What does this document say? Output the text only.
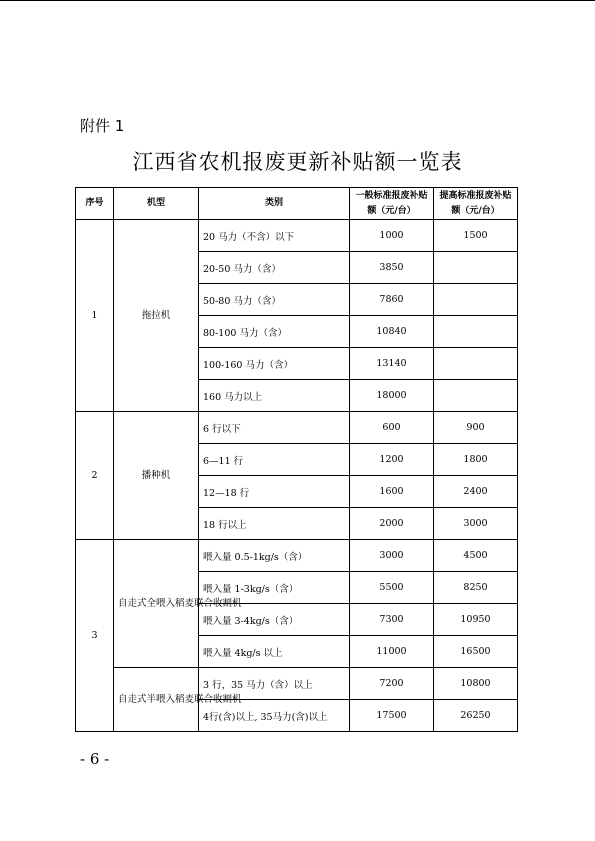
附件 1
江西省农机报废更新补贴额一览表
序号	机型	类别	一般标准报废补贴额（元/台）	提高标准报废补贴额（元/台）
1	拖拉机	20 马力（不含）以下	1000	1500
		20-50 马力（含）	3850	
		50-80 马力（含）	7860	
		80-100 马力（含）	10840	
		100-160 马力（含）	13140	
		160 马力以上	18000	
2	播种机	6 行以下	600	900
		6—11 行	1200	1800
		12—18 行	1600	2400
		18 行以上	2000	3000
3	自走式全喂入稻麦联合收割机	喂入量 0.5-1kg/s（含）	3000	4500
		喂入量 1-3kg/s（含）	5500	8250
		喂入量 3-4kg/s（含）	7300	10950
		喂入量 4kg/s 以上	11000	16500
	自走式半喂入稻麦联合收割机	3 行，35 马力（含）以上	7200	10800
		4行(含)以上, 35马力(含)以上	17500	26250
- 6 -
